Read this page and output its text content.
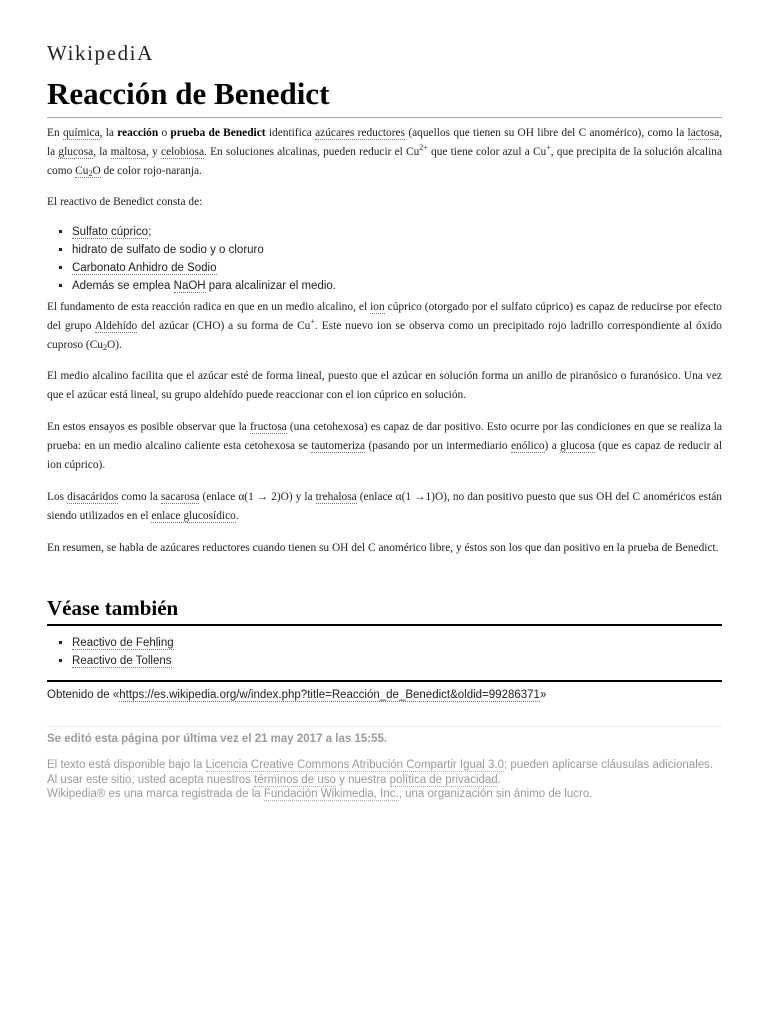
WikipediA
Reacción de Benedict

En química, la reacción o prueba de Benedict identifica azúcares reductores (aquellos que tienen su OH libre del C anomérico), como la lactosa, la glucosa, la maltosa, y celobiosa. En soluciones alcalinas, pueden reducir el $Cu^{2+}$ que tiene color azul a Cu+, que precipita de la solución alcalina como $Cu_2O$ de color rojo-naranja.

El reactivo de Benedict consta de:

▪ Sulfato cúprico;
▪ hidrato de sulfato de sodio y o cloruro
▪ Carbonato Anhidro de Sodio
▪ Además se emplea NaOH para alcalinizar el medio.

El fundamento de esta reacción radica en que en un medio alcalino, el ion cúprico (otorgado por el sulfato cúprico) es capaz de reducirse por efecto del grupo Aldehído del azúcar (CHO) a su forma de Cu+. Este nuevo ion se observa como un precipitado rojo ladrillo correspondiente al óxido cuproso $(Cu_2O)$.

El medio alcalino facilita que el azúcar esté de forma lineal, puesto que el azúcar en solución forma un anillo de piranósico o furanósico. Una vez que el azúcar está lineal, su grupo aldehído puede reaccionar con el ion cúprico en solución.

En estos ensayos es posible observar que la fructosa (una cetohexosa) es capaz de dar positivo. Esto ocurre por las condiciones en que se realiza la prueba: en un medio alcalino caliente esta cetohexosa se tautomeriza (pasando por un intermediario enólico) a glucosa (que es capaz de reducir al ion cúprico).

Los disacáridos como la sacarosa (enlace α(1 → 2)O) y la trehalosa (enlace α(1 →1)O), no dan positivo puesto que sus OH del C anoméricos están siendo utilizados en el enlace glucosídico.

En resumen, se habla de azúcares reductores cuando tienen su OH del C anomérico libre, y éstos son los que dan positivo en la prueba de Benedict.

Véase también
▪ Reactivo de Fehling
▪ Reactivo de Tollens
Obtenido de «https://es.wikipedia.org/w/index.php?title=Reacción_de_Benedict&oldid=99286371»
Se editó esta página por última vez el 21 may 2017 a las 15:55.
El texto está disponible bajo la Licencia Creative Commons Atribución Compartir Igual 3.0; pueden aplicarse cláusulas adicionales. Al usar este sitio, usted acepta nuestros términos de uso y nuestra política de privacidad.
Wikipedia® es una marca registrada de la Fundación Wikimedia, Inc., una organización sin ánimo de lucro.
